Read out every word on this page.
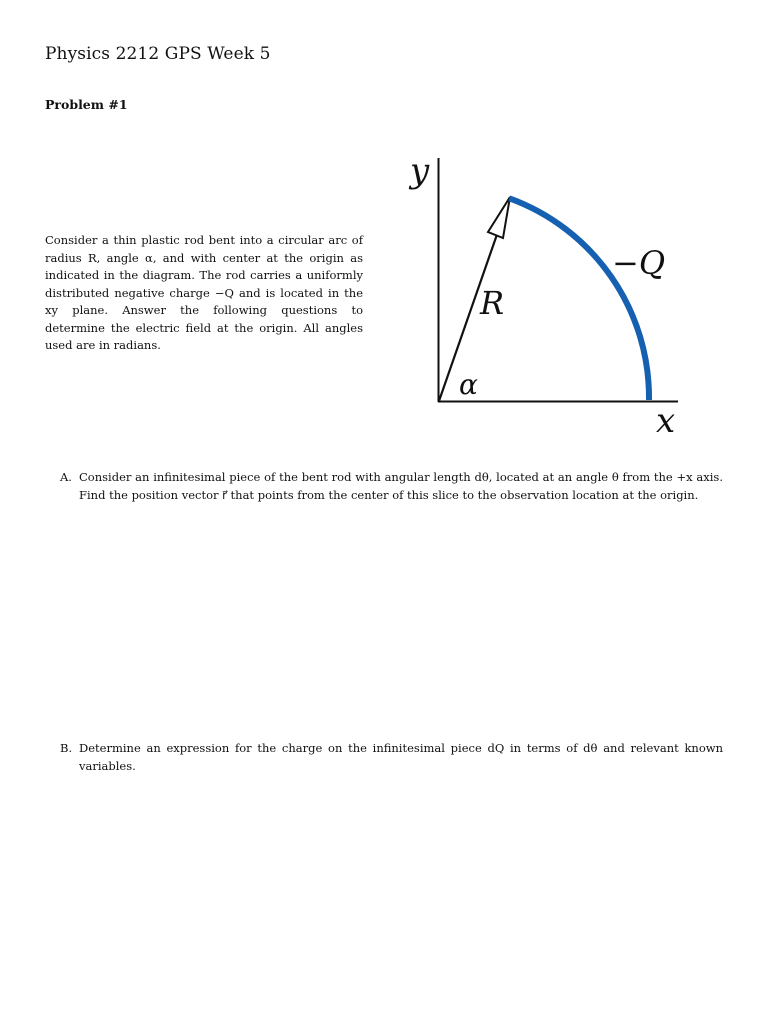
Physics 2212 GPS Week 5
Problem #1

Consider a thin plastic rod bent into a circular arc of radius R, angle α, and with center at the origin as indicated in the diagram. The rod carries a uniformly distributed negative charge −Q and is located in the xy plane. Answer the following questions to determine the electric field at the origin. All angles used are in radians.

y
x
R
α
−Q
A. Consider an infinitesimal piece of the bent rod with angular length dθ, located at an angle θ from the +x axis. Find the position vector r⃗ that points from the center of this slice to the observation location at the origin.

B. Determine an expression for the charge on the infinitesimal piece dQ in terms of dθ and relevant known variables.
